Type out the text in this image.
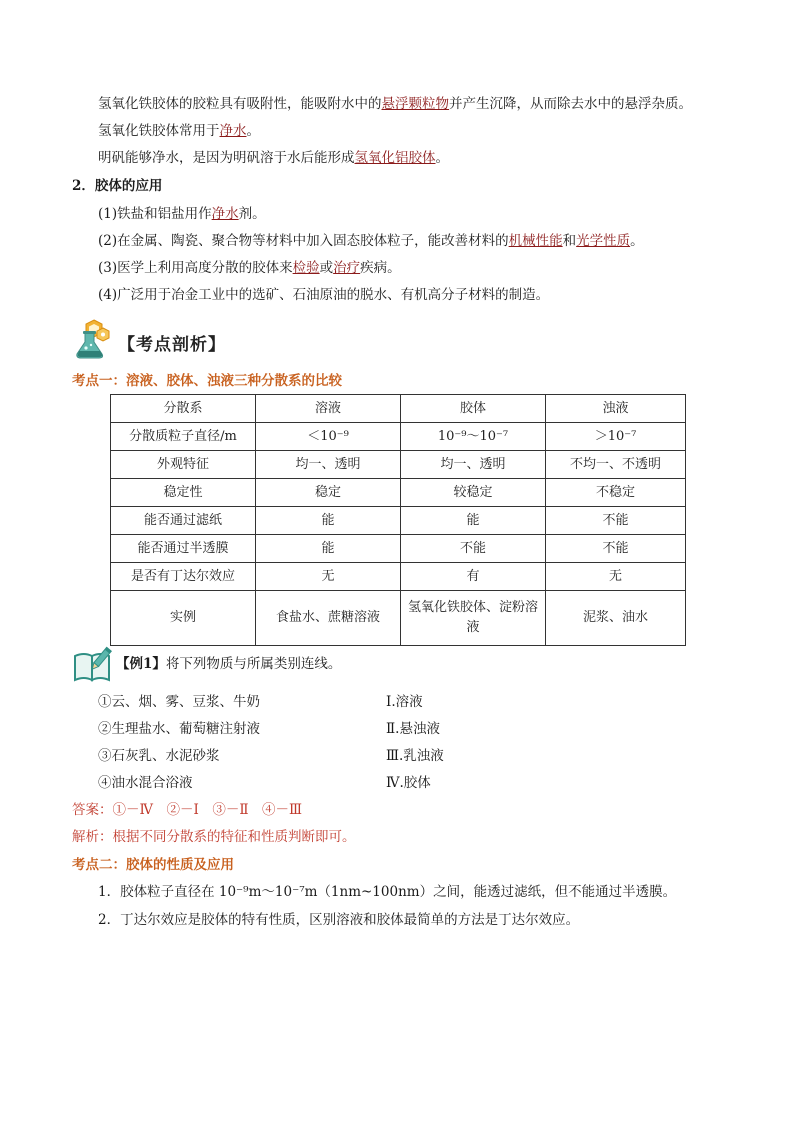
氢氧化铁胶体的胶粒具有吸附性，能吸附水中的悬浮颗粒物并产生沉降，从而除去水中的悬浮杂质。
氢氧化铁胶体常用于净水。
明矾能够净水，是因为明矾溶于水后能形成氢氧化铝胶体。
2．胶体的应用
(1)铁盐和铝盐用作净水剂。
(2)在金属、陶瓷、聚合物等材料中加入固态胶体粒子，能改善材料的机械性能和光学性质。
(3)医学上利用高度分散的胶体来检验或治疗疾病。
(4)广泛用于冶金工业中的选矿、石油原油的脱水、有机高分子材料的制造。
【考点剖析】
考点一：溶液、胶体、浊液三种分散系的比较
分散系	溶液	胶体	浊液
分散质粒子直径/m	＜10⁻⁹	10⁻⁹～10⁻⁷	＞10⁻⁷
外观特征	均一、透明	均一、透明	不均一、不透明
稳定性	稳定	较稳定	不稳定
能否通过滤纸	能	能	不能
能否通过半透膜	能	不能	不能
是否有丁达尔效应	无	有	无
实例	食盐水、蔗糖溶液	氢氧化铁胶体、淀粉溶液	泥浆、油水
【例1】将下列物质与所属类别连线。
①云、烟、雾、豆浆、牛奶
②生理盐水、葡萄糖注射液
③石灰乳、水泥砂浆
④油水混合浴液
Ⅰ.溶液
Ⅱ.悬浊液
Ⅲ.乳浊液
Ⅳ.胶体
答案：①－Ⅳ　②－Ⅰ　③－Ⅱ　④－Ⅲ
解析：根据不同分散系的特征和性质判断即可。
考点二：胶体的性质及应用
1．胶体粒子直径在 10⁻⁹m～10⁻⁷m（1nm~100nm）之间，能透过滤纸，但不能通过半透膜。
2．丁达尔效应是胶体的特有性质，区别溶液和胶体最简单的方法是丁达尔效应。
